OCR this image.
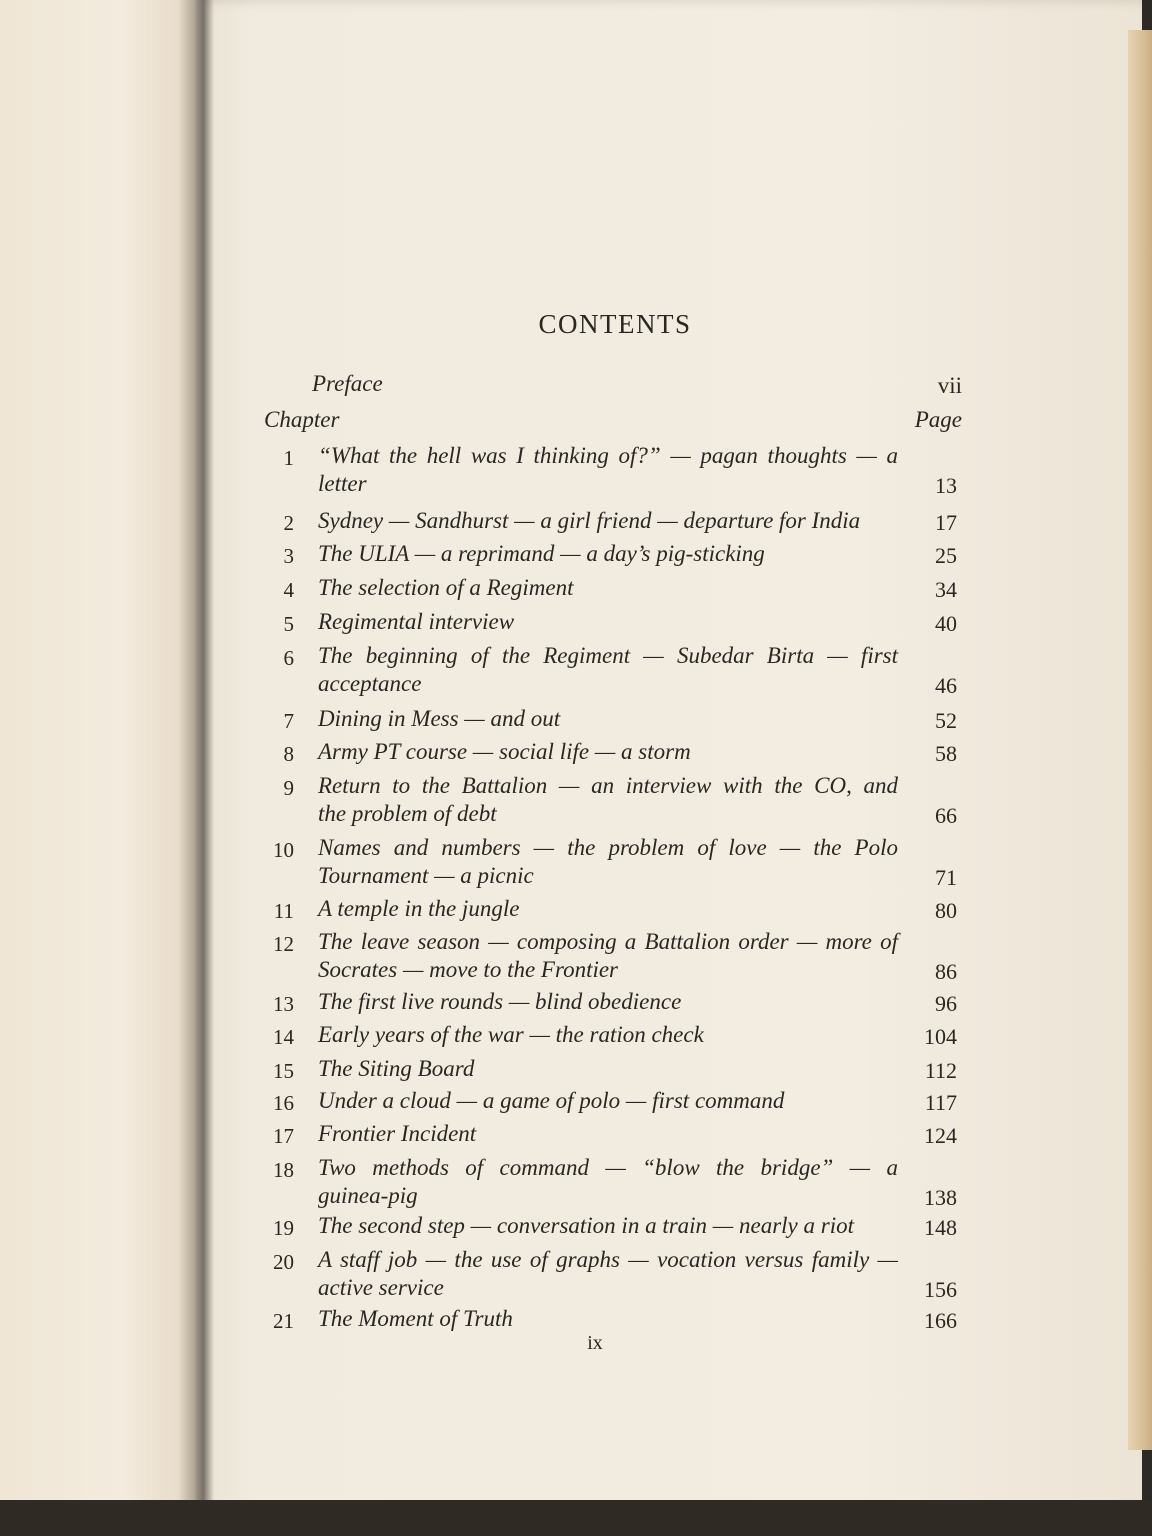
CONTENTS
Preface	vii
Chapter	Page
1 “What the hell was I thinking of?” — pagan thoughts — a
letter	13
2 Sydney — Sandhurst — a girl friend — departure for India	17
3 The ULIA — a reprimand — a day’s pig-sticking	25
4 The selection of a Regiment	34
5 Regimental interview	40
6 The beginning of the Regiment — Subedar Birta — first
acceptance	46
7 Dining in Mess — and out	52
8 Army PT course — social life — a storm	58
9 Return to the Battalion — an interview with the CO, and
the problem of debt	66
10 Names and numbers — the problem of love — the Polo
Tournament — a picnic	71
11 A temple in the jungle	80
12 The leave season — composing a Battalion order — more of
Socrates — move to the Frontier	86
13 The first live rounds — blind obedience	96
14 Early years of the war — the ration check	104
15 The Siting Board	112
16 Under a cloud — a game of polo — first command	117
17 Frontier Incident	124
18 Two methods of command — “blow the bridge” — a
guinea-pig	138
19 The second step — conversation in a train — nearly a riot	148
20 A staff job — the use of graphs — vocation versus family —
active service	156
21 The Moment of Truth	166
ix
